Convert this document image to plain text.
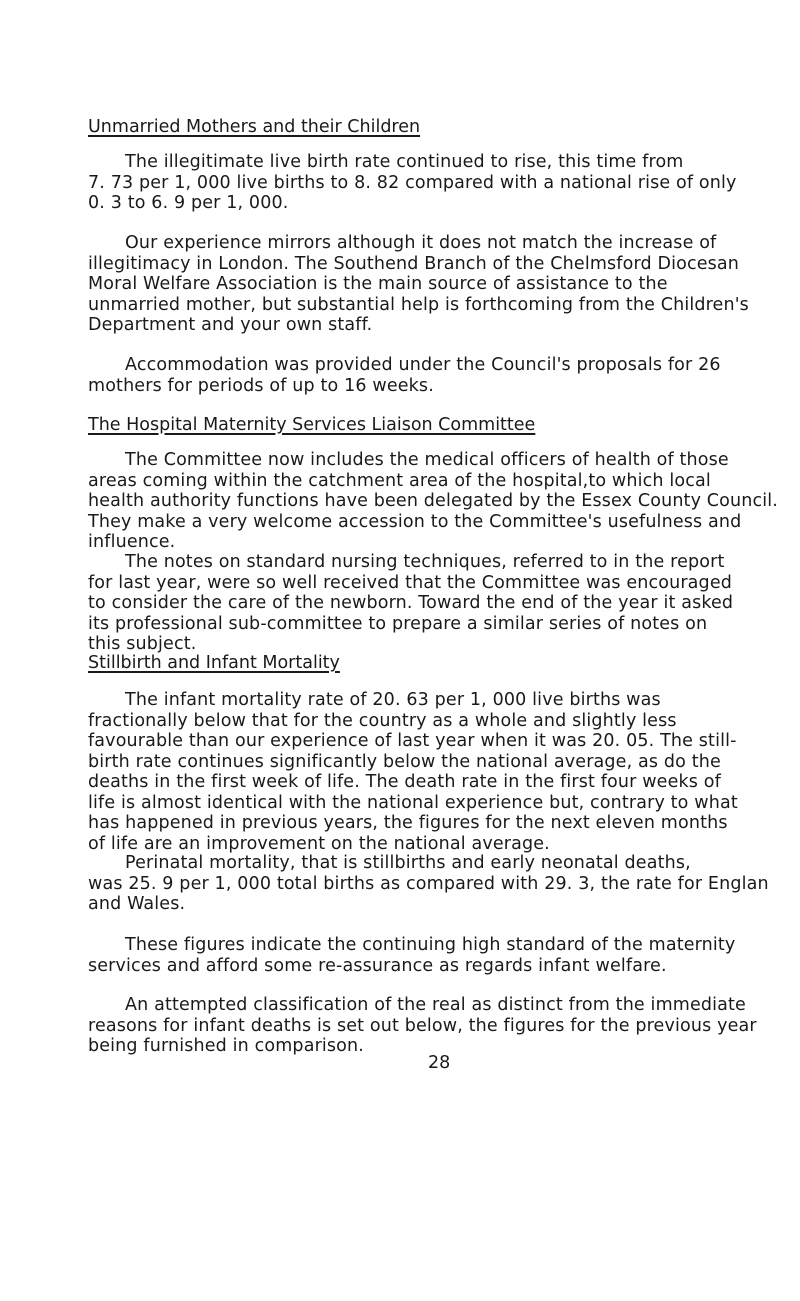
Unmarried Mothers and their Children
The illegitimate live birth rate continued to rise, this time from
7. 73 per 1, 000 live births to 8. 82 compared with a national rise of only
0. 3 to 6. 9 per 1, 000.
Our experience mirrors although it does not match the increase of
illegitimacy in London. The Southend Branch of the Chelmsford Diocesan
Moral Welfare Association is the main source of assistance to the
unmarried mother, but substantial help is forthcoming from the Children's
Department and your own staff.
Accommodation was provided under the Council's proposals for 26
mothers for periods of up to 16 weeks.
The Hospital Maternity Services Liaison Committee
The Committee now includes the medical officers of health of those
areas coming within the catchment area of the hospital,to which local
health authority functions have been delegated by the Essex County Council.
They make a very welcome accession to the Committee's usefulness and
influence.
The notes on standard nursing techniques, referred to in the report
for last year, were so well received that the Committee was encouraged
to consider the care of the newborn. Toward the end of the year it asked
its professional sub-committee to prepare a similar series of notes on
this subject.
Stillbirth and Infant Mortality
The infant mortality rate of 20. 63 per 1, 000 live births was
fractionally below that for the country as a whole and slightly less
favourable than our experience of last year when it was 20. 05. The still-
birth rate continues significantly below the national average, as do the
deaths in the first week of life. The death rate in the first four weeks of
life is almost identical with the national experience but, contrary to what
has happened in previous years, the figures for the next eleven months
of life are an improvement on the national average.
Perinatal mortality, that is stillbirths and early neonatal deaths,
was 25. 9 per 1, 000 total births as compared with 29. 3, the rate for Englan
and Wales.
These figures indicate the continuing high standard of the maternity
services and afford some re-assurance as regards infant welfare.
An attempted classification of the real as distinct from the immediate
reasons for infant deaths is set out below, the figures for the previous year
being furnished in comparison.
28
